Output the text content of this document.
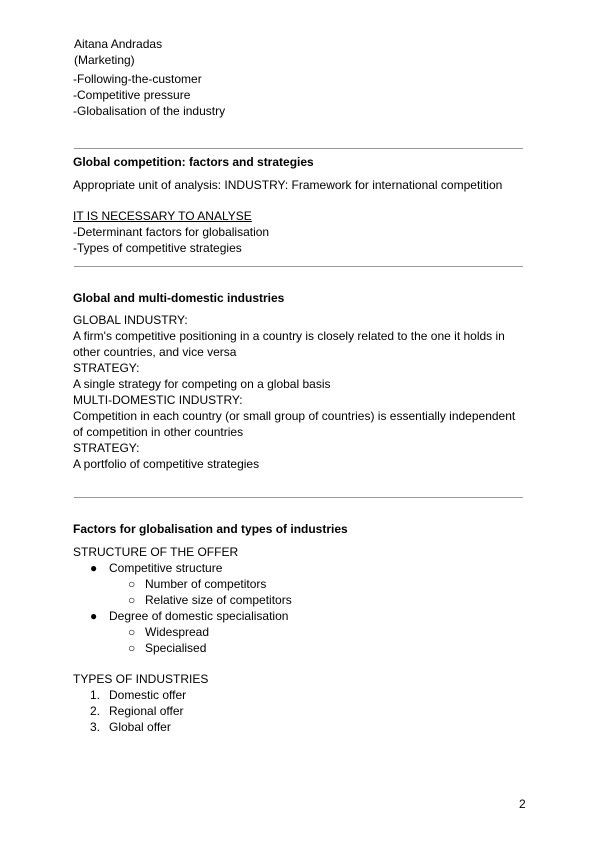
Aitana Andradas
(Marketing)
-Following-the-customer
-Competitive pressure
-Globalisation of the industry
Global competition: factors and strategies
Appropriate unit of analysis: INDUSTRY: Framework for international competition
IT IS NECESSARY TO ANALYSE
-Determinant factors for globalisation
-Types of competitive strategies
Global and multi-domestic industries
GLOBAL INDUSTRY:
A firm's competitive positioning in a country is closely related to the one it holds in
other countries, and vice versa
STRATEGY:
A single strategy for competing on a global basis
MULTI-DOMESTIC INDUSTRY:
Competition in each country (or small group of countries) is essentially independent
of competition in other countries
STRATEGY:
A portfolio of competitive strategies
Factors for globalisation and types of industries
STRUCTURE OF THE OFFER
● Competitive structure
○ Number of competitors
○ Relative size of competitors
● Degree of domestic specialisation
○ Widespread
○ Specialised
TYPES OF INDUSTRIES
1. Domestic offer
2. Regional offer
3. Global offer
2
